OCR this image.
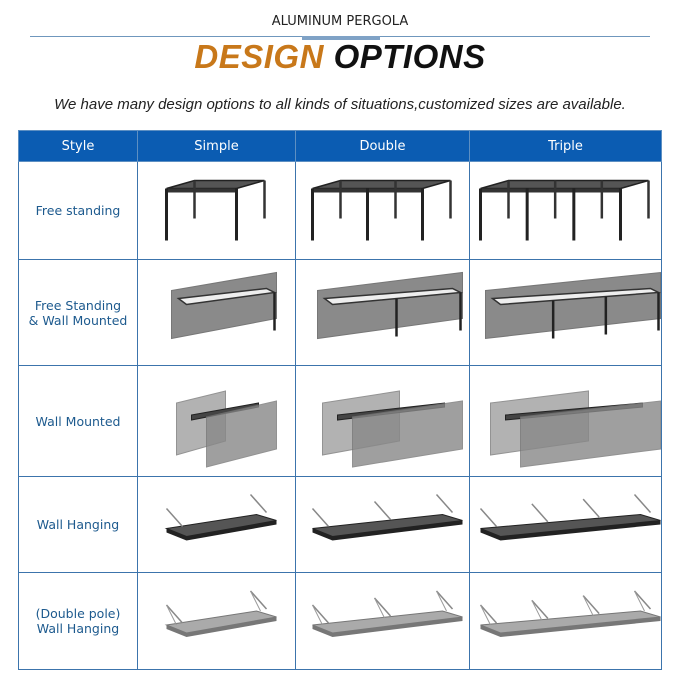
ALUMINUM PERGOLA
DESIGN OPTIONS
We have many design options to all kinds of situations,customized sizes are available.
Style	Simple	Double	Triple
Free standing	

Free Standing
& Wall Mounted	

Wall Mounted	

Wall Hanging	

(Double pole)
Wall Hanging	
